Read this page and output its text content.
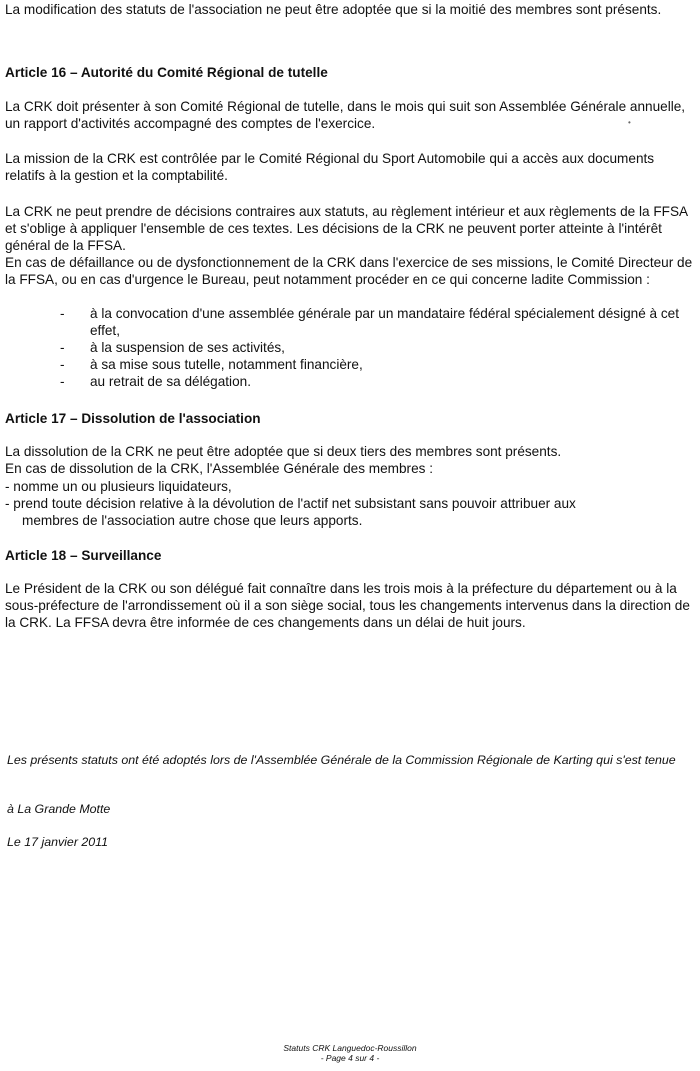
La modification des statuts de l'association ne peut être adoptée que si la moitié des membres sont présents.

Article 16 – Autorité du Comité Régional de tutelle

La CRK doit présenter à son Comité Régional de tutelle, dans le mois qui suit son Assemblée Générale annuelle, un rapport d'activités accompagné des comptes de l'exercice.	•

La mission de la CRK est contrôlée par le Comité Régional du Sport Automobile qui a accès aux documents relatifs à la gestion et la comptabilité.

La CRK ne peut prendre de décisions contraires aux statuts, au règlement intérieur et aux règlements de la FFSA et s'oblige à appliquer l'ensemble de ces textes. Les décisions de la CRK ne peuvent porter atteinte à l'intérêt général de la FFSA.

En cas de défaillance ou de dysfonctionnement de la CRK dans l'exercice de ses missions, le Comité Directeur de la FFSA, ou en cas d'urgence le Bureau, peut notamment procéder en ce qui concerne ladite Commission :

- à la convocation d'une assemblée générale par un mandataire fédéral spécialement désigné à cet effet,
- à la suspension de ses activités,
- à sa mise sous tutelle, notamment financière,
- au retrait de sa délégation.
Article 17 – Dissolution de l'association

La dissolution de la CRK ne peut être adoptée que si deux tiers des membres sont présents.

En cas de dissolution de la CRK, l'Assemblée Générale des membres :

- nomme un ou plusieurs liquidateurs,
- prend toute décision relative à la dévolution de l'actif net subsistant sans pouvoir attribuer aux
membres de l'association autre chose que leurs apports.
Article 18 – Surveillance

Le Président de la CRK ou son délégué fait connaître dans les trois mois à la préfecture du département ou à la sous-préfecture de l'arrondissement où il a son siège social, tous les changements intervenus dans la direction de la CRK. La FFSA devra être informée de ces changements dans un délai de huit jours.

Les présents statuts ont été adoptés lors de l'Assemblée Générale de la Commission Régionale de Karting qui s'est tenue

à La Grande Motte

Le 17 janvier 2011

Statuts CRK Languedoc-Roussillon
- Page 4 sur 4 -
